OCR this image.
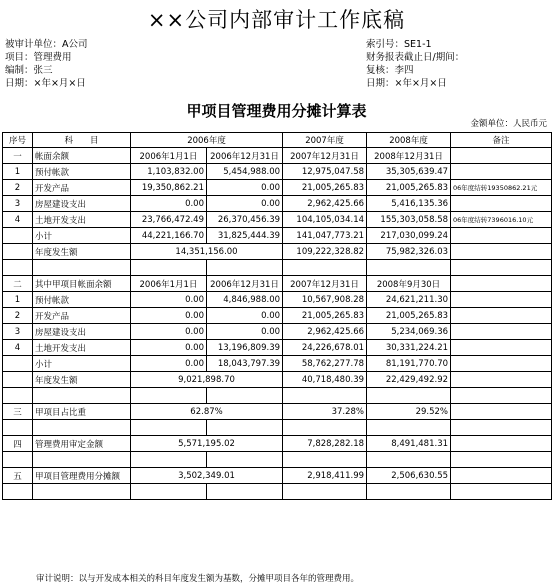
××公司内部审计工作底稿
被审计单位：A公司
项目：管理费用
编制：张三
日期：×年×月×日
索引号：SE1-1
财务报表截止日/期间：
复核：李四
日期：×年×月×日
甲项目管理费用分摊计算表
金额单位：人民币元
序号	科　　目	2006年度		2007年度	2008年度	备注
一	帐面余额	2006年1月1日	2006年12月31日	2007年12月31日	2008年12月31日	
1	预付帐款	1,103,832.00	5,454,988.00	12,975,047.58	35,305,639.47	
2	开发产品	19,350,862.21	0.00	21,005,265.83	21,005,265.83	06年度结转19350862.21元
3	房屋建设支出	0.00	0.00	2,962,425.66	5,416,135.36	
4	土地开发支出	23,766,472.49	26,370,456.39	104,105,034.14	155,303,058.58	06年度结转7396016.10元
	小计	44,221,166.70	31,825,444.39	141,047,773.21	217,030,099.24	
	年度发生额	14,351,156.00		109,222,328.82	75,982,326.03	

二	其中甲项目帐面余额	2006年1月1日	2006年12月31日	2007年12月31日	2008年9月30日	
1	预付帐款	0.00	4,846,988.00	10,567,908.28	24,621,211.30	
2	开发产品	0.00	0.00	21,005,265.83	21,005,265.83	
3	房屋建设支出	0.00	0.00	2,962,425.66	5,234,069.36	
4	土地开发支出	0.00	13,196,809.39	24,226,678.01	30,331,224.21	
	小计	0.00	18,043,797.39	58,762,277.78	81,191,770.70	
	年度发生额	9,021,898.70		40,718,480.39	22,429,492.92	

三	甲项目占比重	62.87%		37.28%	29.52%	

四	管理费用审定金额	5,571,195.02		7,828,282.18	8,491,481.31	

五	甲项目管理费用分摊额	3,502,349.01		2,918,411.99	2,506,630.55	

审计说明：以与开发成本相关的科目年度发生额为基数，分摊甲项目各年的管理费用。
